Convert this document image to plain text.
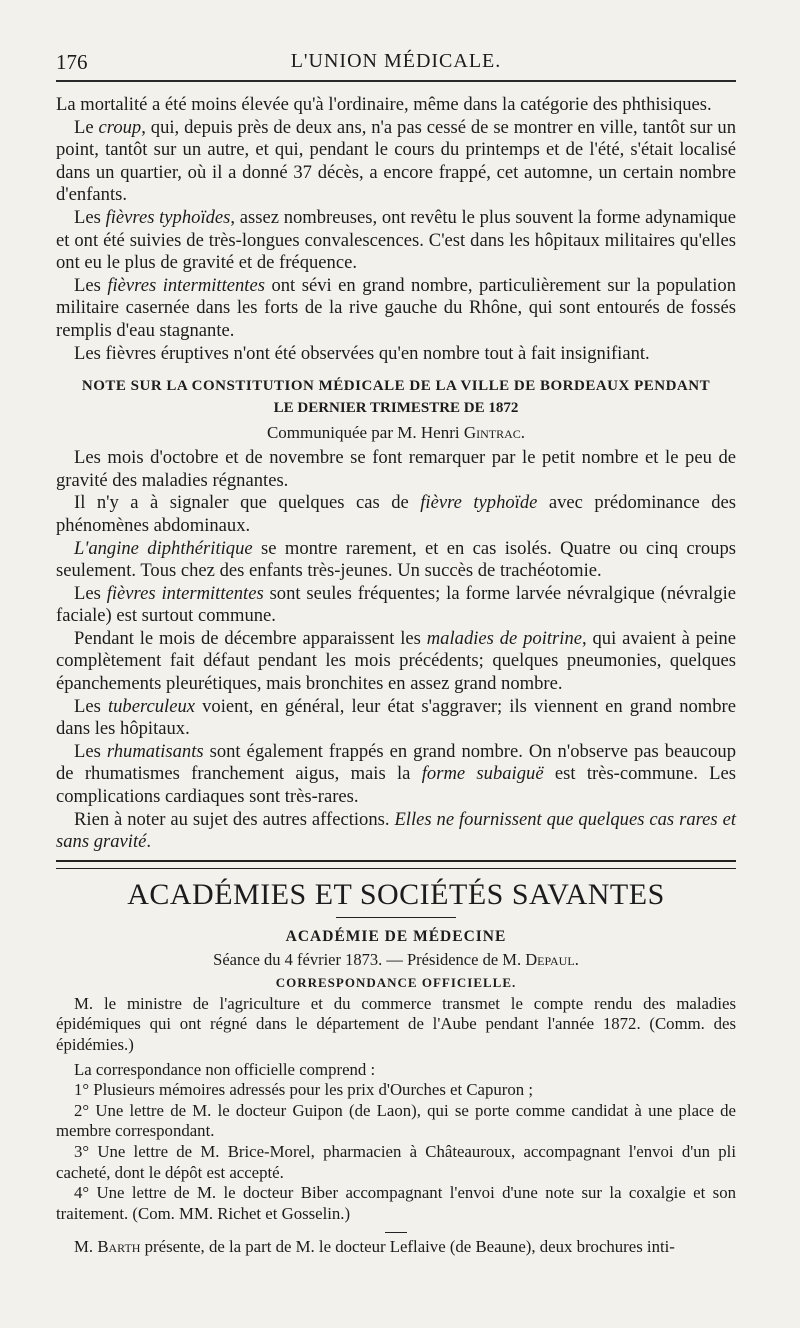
176	L'UNION MÉDICALE.

La mortalité a été moins élevée qu'à l'ordinaire, même dans la catégorie des phthisiques.

Le croup, qui, depuis près de deux ans, n'a pas cessé de se montrer en ville, tantôt sur un point, tantôt sur un autre, et qui, pendant le cours du printemps et de l'été, s'était localisé dans un quartier, où il a donné 37 décès, a encore frappé, cet automne, un certain nombre d'enfants.

Les fièvres typhoïdes, assez nombreuses, ont revêtu le plus souvent la forme adynamique et ont été suivies de très-longues convalescences. C'est dans les hôpitaux militaires qu'elles ont eu le plus de gravité et de fréquence.

Les fièvres intermittentes ont sévi en grand nombre, particulièrement sur la population militaire casernée dans les forts de la rive gauche du Rhône, qui sont entourés de fossés remplis d'eau stagnante.

Les fièvres éruptives n'ont été observées qu'en nombre tout à fait insignifiant.

NOTE SUR LA CONSTITUTION MÉDICALE DE LA VILLE DE BORDEAUX PENDANT
LE DERNIER TRIMESTRE DE 1872
Communiquée par M. Henri Gintrac.

Les mois d'octobre et de novembre se font remarquer par le petit nombre et le peu de gravité des maladies régnantes.

Il n'y a à signaler que quelques cas de fièvre typhoïde avec prédominance des phénomènes abdominaux.

L'angine diphthéritique se montre rarement, et en cas isolés. Quatre ou cinq croups seulement. Tous chez des enfants très-jeunes. Un succès de trachéotomie.

Les fièvres intermittentes sont seules fréquentes; la forme larvée névralgique (névralgie faciale) est surtout commune.

Pendant le mois de décembre apparaissent les maladies de poitrine, qui avaient à peine complètement fait défaut pendant les mois précédents; quelques pneumonies, quelques épanchements pleurétiques, mais bronchites en assez grand nombre.

Les tuberculeux voient, en général, leur état s'aggraver; ils viennent en grand nombre dans les hôpitaux.

Les rhumatisants sont également frappés en grand nombre. On n'observe pas beaucoup de rhumatismes franchement aigus, mais la forme subaiguë est très-commune. Les complications cardiaques sont très-rares.

Rien à noter au sujet des autres affections. Elles ne fournissent que quelques cas rares et sans gravité.

ACADÉMIES ET SOCIÉTÉS SAVANTES
ACADÉMIE DE MÉDECINE
Séance du 4 février 1873. — Présidence de M. Depaul.
CORRESPONDANCE OFFICIELLE.

M. le ministre de l'agriculture et du commerce transmet le compte rendu des maladies épidémiques qui ont régné dans le département de l'Aube pendant l'année 1872. (Comm. des épidémies.)

La correspondance non officielle comprend :

1° Plusieurs mémoires adressés pour les prix d'Ourches et Capuron ;

2° Une lettre de M. le docteur Guipon (de Laon), qui se porte comme candidat à une place de membre correspondant.

3° Une lettre de M. Brice-Morel, pharmacien à Châteauroux, accompagnant l'envoi d'un pli cacheté, dont le dépôt est accepté.

4° Une lettre de M. le docteur Biber accompagnant l'envoi d'une note sur la coxalgie et son traitement. (Com. MM. Richet et Gosselin.)

M. Barth présente, de la part de M. le docteur Leflaive (de Beaune), deux brochures inti-
